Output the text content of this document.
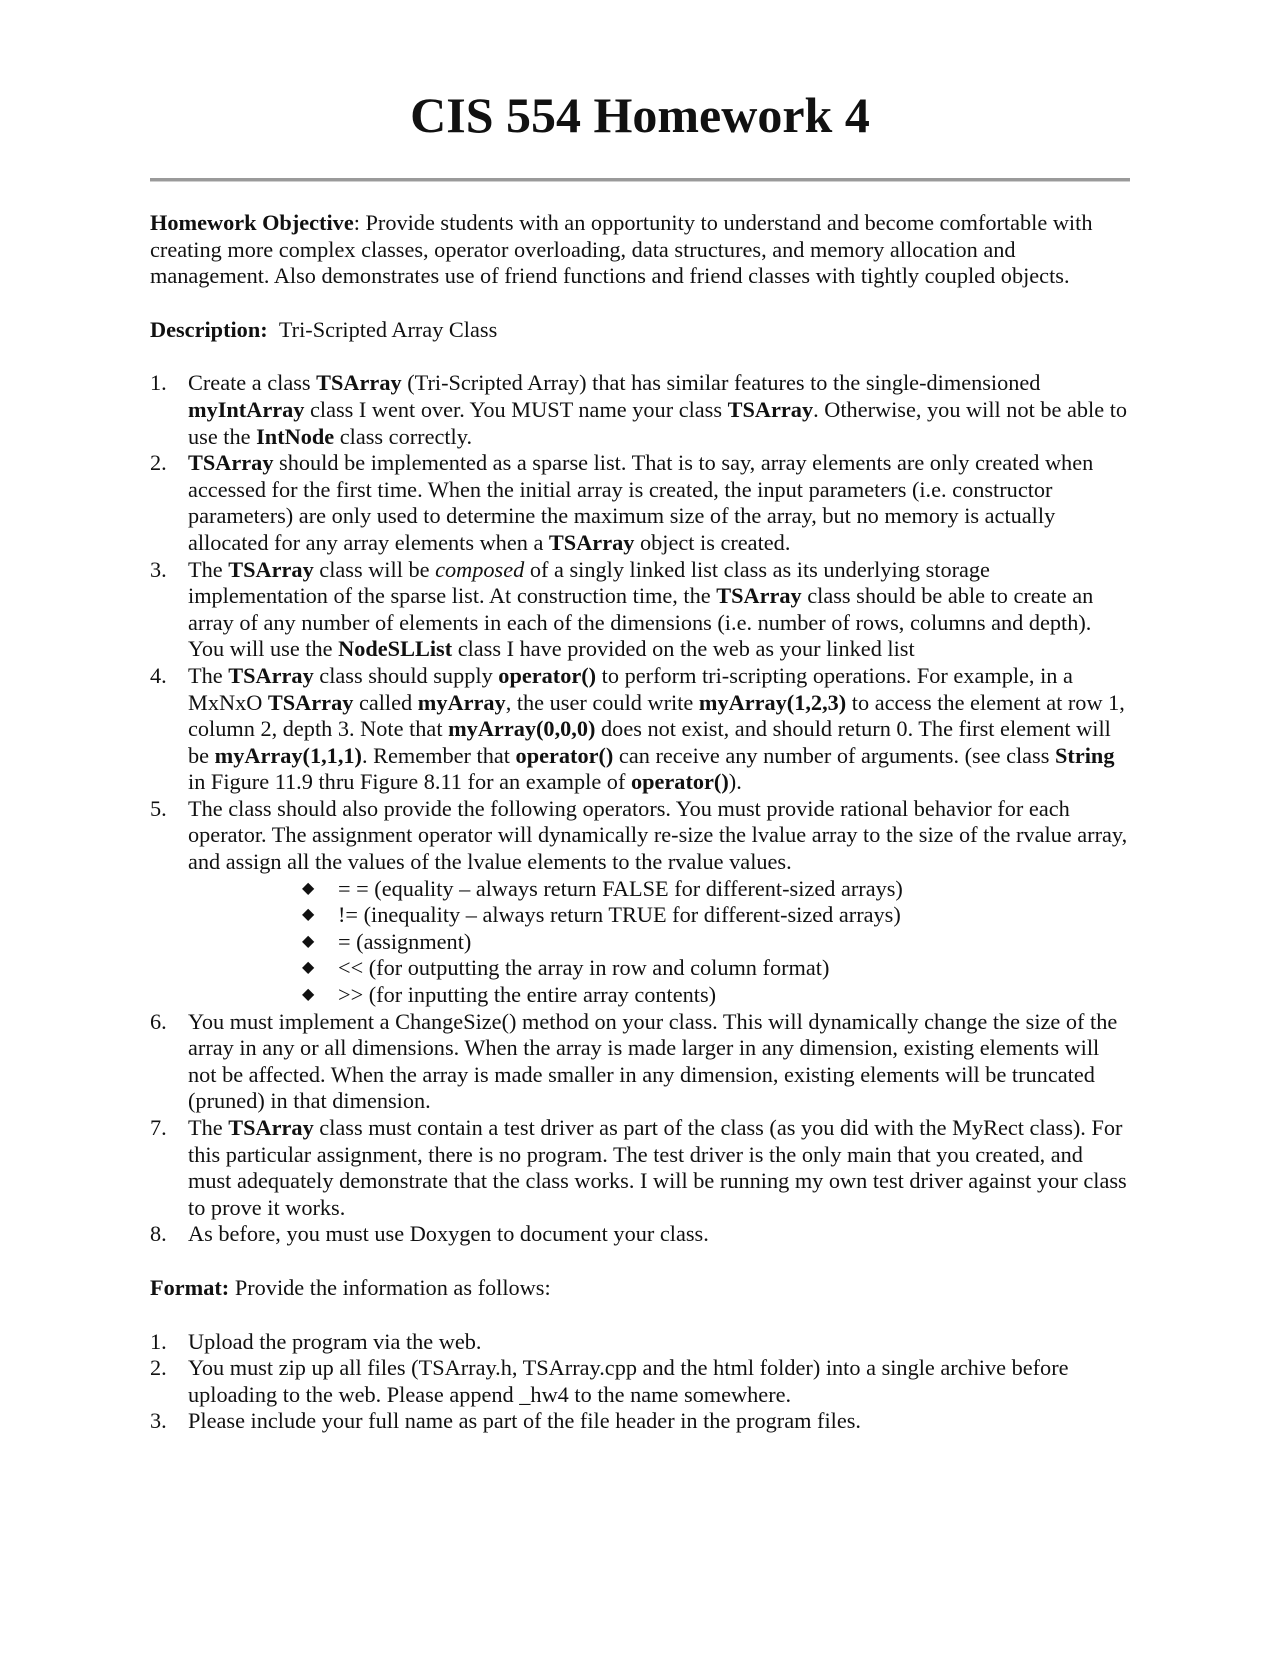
CIS 554 Homework 4

Homework Objective: Provide students with an opportunity to understand and become comfortable with creating more complex classes, operator overloading, data structures, and memory allocation and management. Also demonstrates use of friend functions and friend classes with tightly coupled objects.

Description: Tri-Scripted Array Class

1. Create a class TSArray (Tri-Scripted Array) that has similar features to the single-dimensioned myIntArray class I went over. You MUST name your class TSArray. Otherwise, you will not be able to use the IntNode class correctly.
2. TSArray should be implemented as a sparse list. That is to say, array elements are only created when accessed for the first time. When the initial array is created, the input parameters (i.e. constructor parameters) are only used to determine the maximum size of the array, but no memory is actually allocated for any array elements when a TSArray object is created.
3. The TSArray class will be composed of a singly linked list class as its underlying storage implementation of the sparse list. At construction time, the TSArray class should be able to create an array of any number of elements in each of the dimensions (i.e. number of rows, columns and depth). You will use the NodeSLList class I have provided on the web as your linked list
4. The TSArray class should supply operator() to perform tri-scripting operations. For example, in a MxNxO TSArray called myArray, the user could write myArray(1,2,3) to access the element at row 1, column 2, depth 3. Note that myArray(0,0,0) does not exist, and should return 0. The first element will be myArray(1,1,1). Remember that operator() can receive any number of arguments. (see class String in Figure 11.9 thru Figure 8.11 for an example of operator()).
5. The class should also provide the following operators. You must provide rational behavior for each operator. The assignment operator will dynamically re-size the lvalue array to the size of the rvalue array, and assign all the values of the lvalue elements to the rvalue values.
◆ = = (equality – always return FALSE for different-sized arrays)
◆ != (inequality – always return TRUE for different-sized arrays)
◆ = (assignment)
◆ << (for outputting the array in row and column format)
◆ >> (for inputting the entire array contents)
6. You must implement a ChangeSize() method on your class. This will dynamically change the size of the array in any or all dimensions. When the array is made larger in any dimension, existing elements will not be affected. When the array is made smaller in any dimension, existing elements will be truncated (pruned) in that dimension.
7. The TSArray class must contain a test driver as part of the class (as you did with the MyRect class). For this particular assignment, there is no program. The test driver is the only main that you created, and must adequately demonstrate that the class works. I will be running my own test driver against your class to prove it works.
8. As before, you must use Doxygen to document your class.

Format: Provide the information as follows:

1. Upload the program via the web.
2. You must zip up all files (TSArray.h, TSArray.cpp and the html folder) into a single archive before uploading to the web. Please append _hw4 to the name somewhere.
3. Please include your full name as part of the file header in the program files.
